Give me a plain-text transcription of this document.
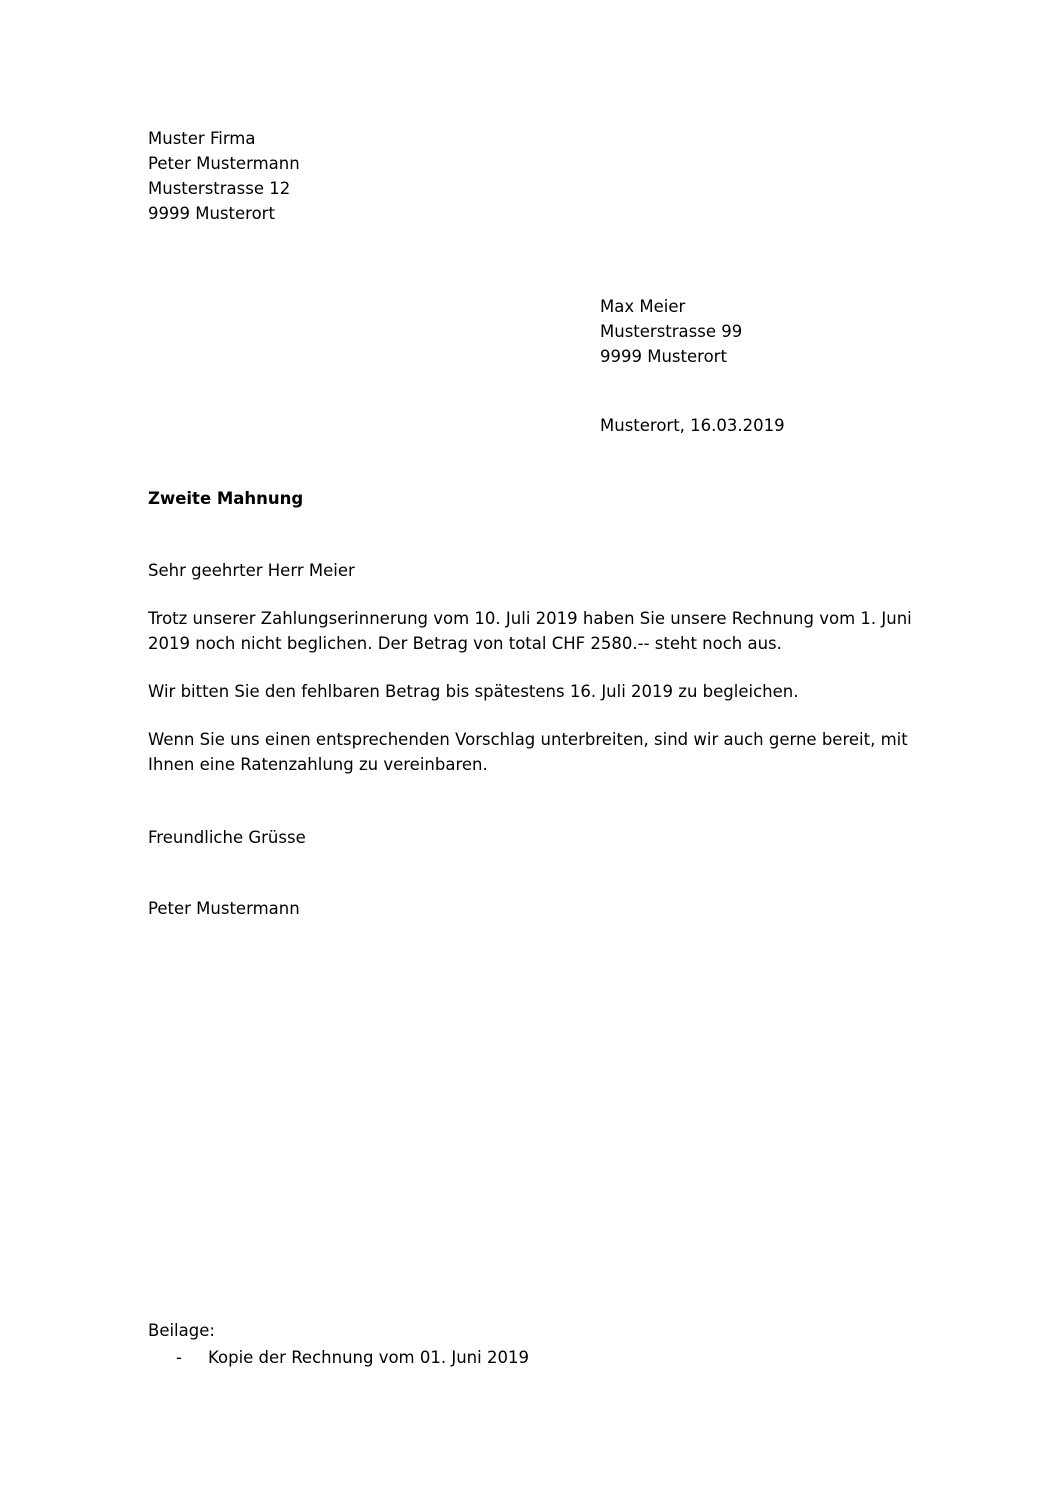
Muster Firma
Peter Mustermann
Musterstrasse 12
9999 Musterort
Max Meier
Musterstrasse 99
9999 Musterort
Musterort, 16.03.2019
Zweite Mahnung
Sehr geehrter Herr Meier
Trotz unserer Zahlungserinnerung vom 10. Juli 2019 haben Sie unsere Rechnung vom 1. Juni 2019 noch nicht beglichen. Der Betrag von total CHF 2580.-- steht noch aus.
Wir bitten Sie den fehlbaren Betrag bis spätestens 16. Juli 2019 zu begleichen.
Wenn Sie uns einen entsprechenden Vorschlag unterbreiten, sind wir auch gerne bereit, mit Ihnen eine Ratenzahlung zu vereinbaren.
Freundliche Grüsse
Peter Mustermann
Beilage:
- Kopie der Rechnung vom 01. Juni 2019
